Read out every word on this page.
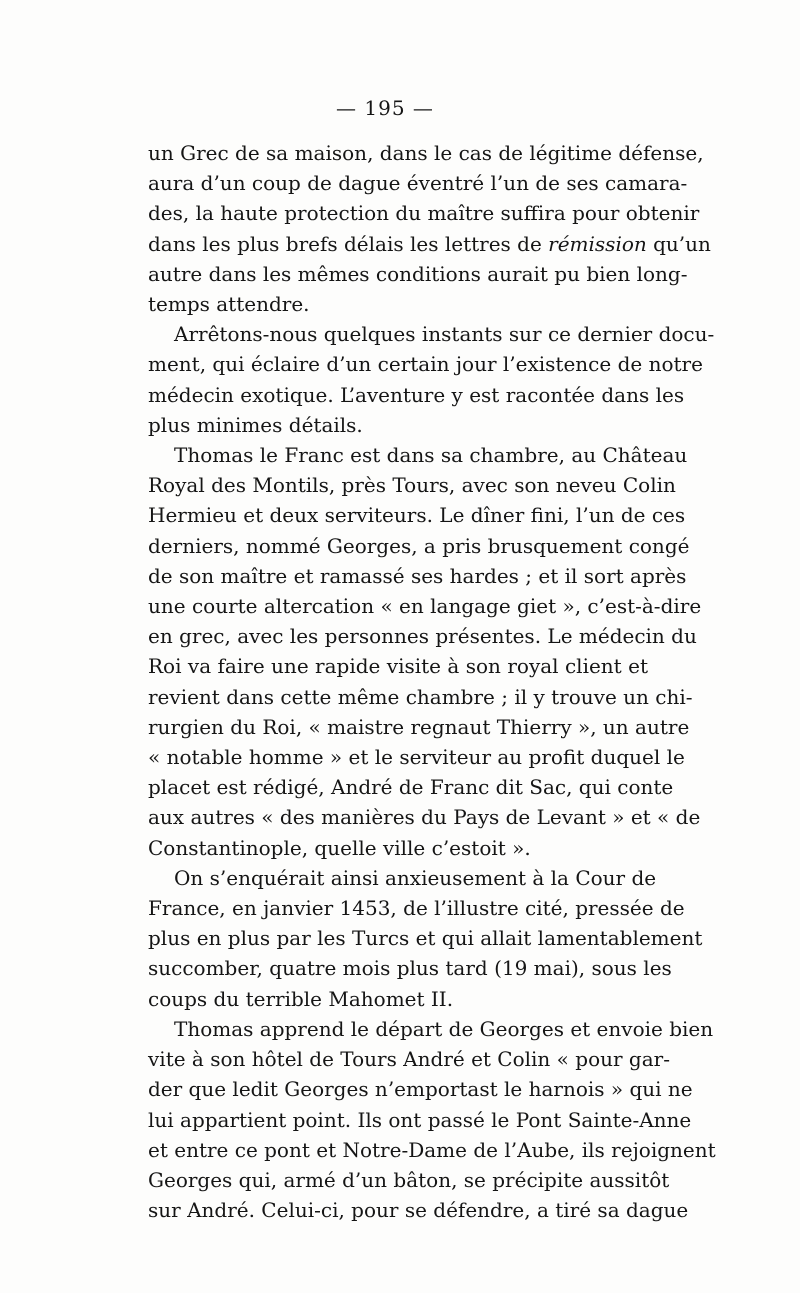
— 195 —
un Grec de sa maison, dans le cas de légitime défense,
aura d’un coup de dague éventré l’un de ses camara-
des, la haute protection du maître suffira pour obtenir
dans les plus brefs délais les lettres de rémission qu’un
autre dans les mêmes conditions aurait pu bien long-
temps attendre.
Arrêtons-nous quelques instants sur ce dernier docu-
ment, qui éclaire d’un certain jour l’existence de notre
médecin exotique. L’aventure y est racontée dans les
plus minimes détails.
Thomas le Franc est dans sa chambre, au Château
Royal des Montils, près Tours, avec son neveu Colin
Hermieu et deux serviteurs. Le dîner fini, l’un de ces
derniers, nommé Georges, a pris brusquement congé
de son maître et ramassé ses hardes ; et il sort après
une courte altercation « en langage giet », c’est-à-dire
en grec, avec les personnes présentes. Le médecin du
Roi va faire une rapide visite à son royal client et
revient dans cette même chambre ; il y trouve un chi-
rurgien du Roi, « maistre regnaut Thierry », un autre
« notable homme » et le serviteur au profit duquel le
placet est rédigé, André de Franc dit Sac, qui conte
aux autres « des manières du Pays de Levant » et « de
Constantinople, quelle ville c’estoit ».
On s’enquérait ainsi anxieusement à la Cour de
France, en janvier 1453, de l’illustre cité, pressée de
plus en plus par les Turcs et qui allait lamentablement
succomber, quatre mois plus tard (19 mai), sous les
coups du terrible Mahomet II.
Thomas apprend le départ de Georges et envoie bien
vite à son hôtel de Tours André et Colin « pour gar-
der que ledit Georges n’emportast le harnois » qui ne
lui appartient point. Ils ont passé le Pont Sainte-Anne
et entre ce pont et Notre-Dame de l’Aube, ils rejoignent
Georges qui, armé d’un bâton, se précipite aussitôt
sur André. Celui-ci, pour se défendre, a tiré sa dague
